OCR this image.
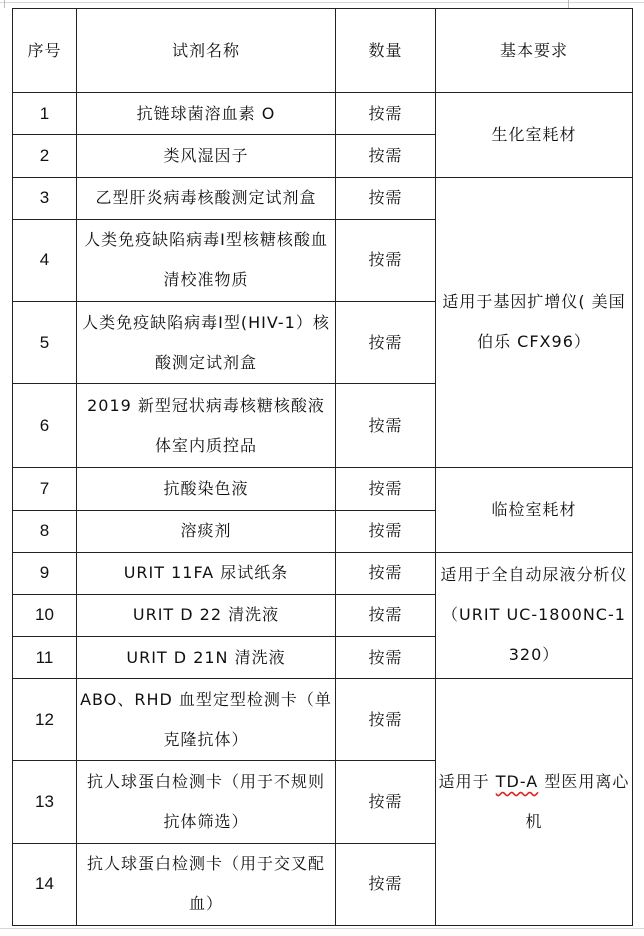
序号	试剂名称	数量	基本要求
1	抗链球菌溶血素 O	按需	生化室耗材
2	类风湿因子	按需	
3	乙型肝炎病毒核酸测定试剂盒	按需	适用于基因扩增仪( 美国伯乐 CFX96）
4	人类免疫缺陷病毒Ⅰ型核糖核酸血清校准物质	按需	
5	人类免疫缺陷病毒Ⅰ型(HIV-1）核酸测定试剂盒	按需	
6	2019 新型冠状病毒核糖核酸液体室内质控品	按需	
7	抗酸染色液	按需	临检室耗材
8	溶痰剂	按需	
9	URIT 11FA 尿试纸条	按需	适用于全自动尿液分析仪（URIT UC-1800NC-1320）
10	URIT D 22 清洗液	按需	
11	URIT D 21N 清洗液	按需	
12	ABO、RHD 血型定型检测卡（单克隆抗体）	按需	适用于 TD-A 型医用离心机
13	抗人球蛋白检测卡（用于不规则抗体筛选）	按需	
14	抗人球蛋白检测卡（用于交叉配血）	按需	
